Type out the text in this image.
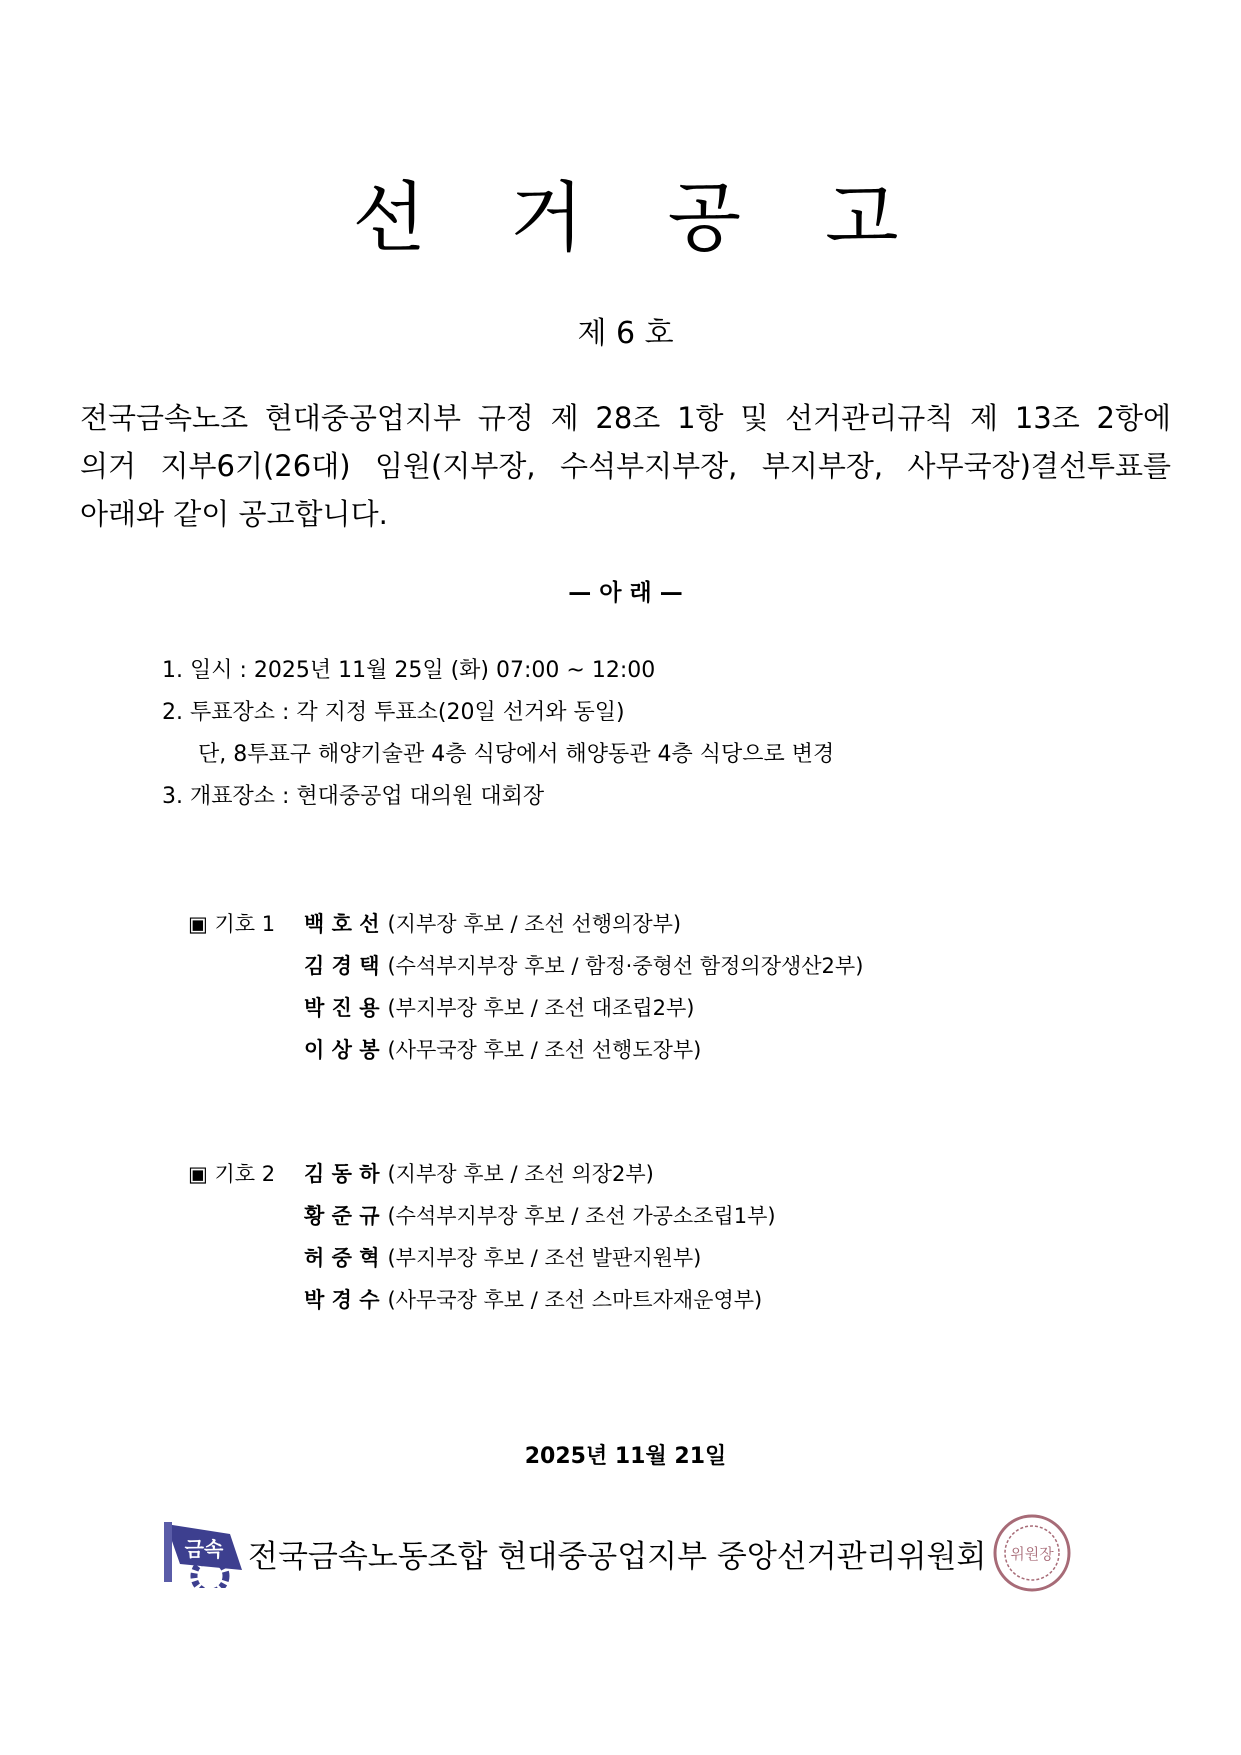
선 거 공 고
제 6 호
전국금속노조 현대중공업지부 규정 제 28조 1항 및 선거관리규칙 제 13조 2항에
의거 지부6기(26대) 임원(지부장, 수석부지부장, 부지부장, 사무국장)결선투표를
아래와 같이 공고합니다.
— 아 래 —
1. 일시 : 2025년 11월 25일 (화) 07:00 ~ 12:00
2. 투표장소 : 각 지정 투표소(20일 선거와 동일)
단, 8투표구 해양기술관 4층 식당에서 해양동관 4층 식당으로 변경
3. 개표장소 : 현대중공업 대의원 대회장
▣ 기호 1	백 호 선 (지부장 후보 / 조선 선행의장부)
김 경 택 (수석부지부장 후보 / 함정·중형선 함정의장생산2부)
박 진 용 (부지부장 후보 / 조선 대조립2부)
이 상 봉 (사무국장 후보 / 조선 선행도장부)
▣ 기호 2	김 동 하 (지부장 후보 / 조선 의장2부)
황 준 규 (수석부지부장 후보 / 조선 가공소조립1부)
허 중 혁 (부지부장 후보 / 조선 발판지원부)
박 경 수 (사무국장 후보 / 조선 스마트자재운영부)
2025년 11월 21일
금속 전국금속노동조합 현대중공업지부 중앙선거관리위원회 위원장
